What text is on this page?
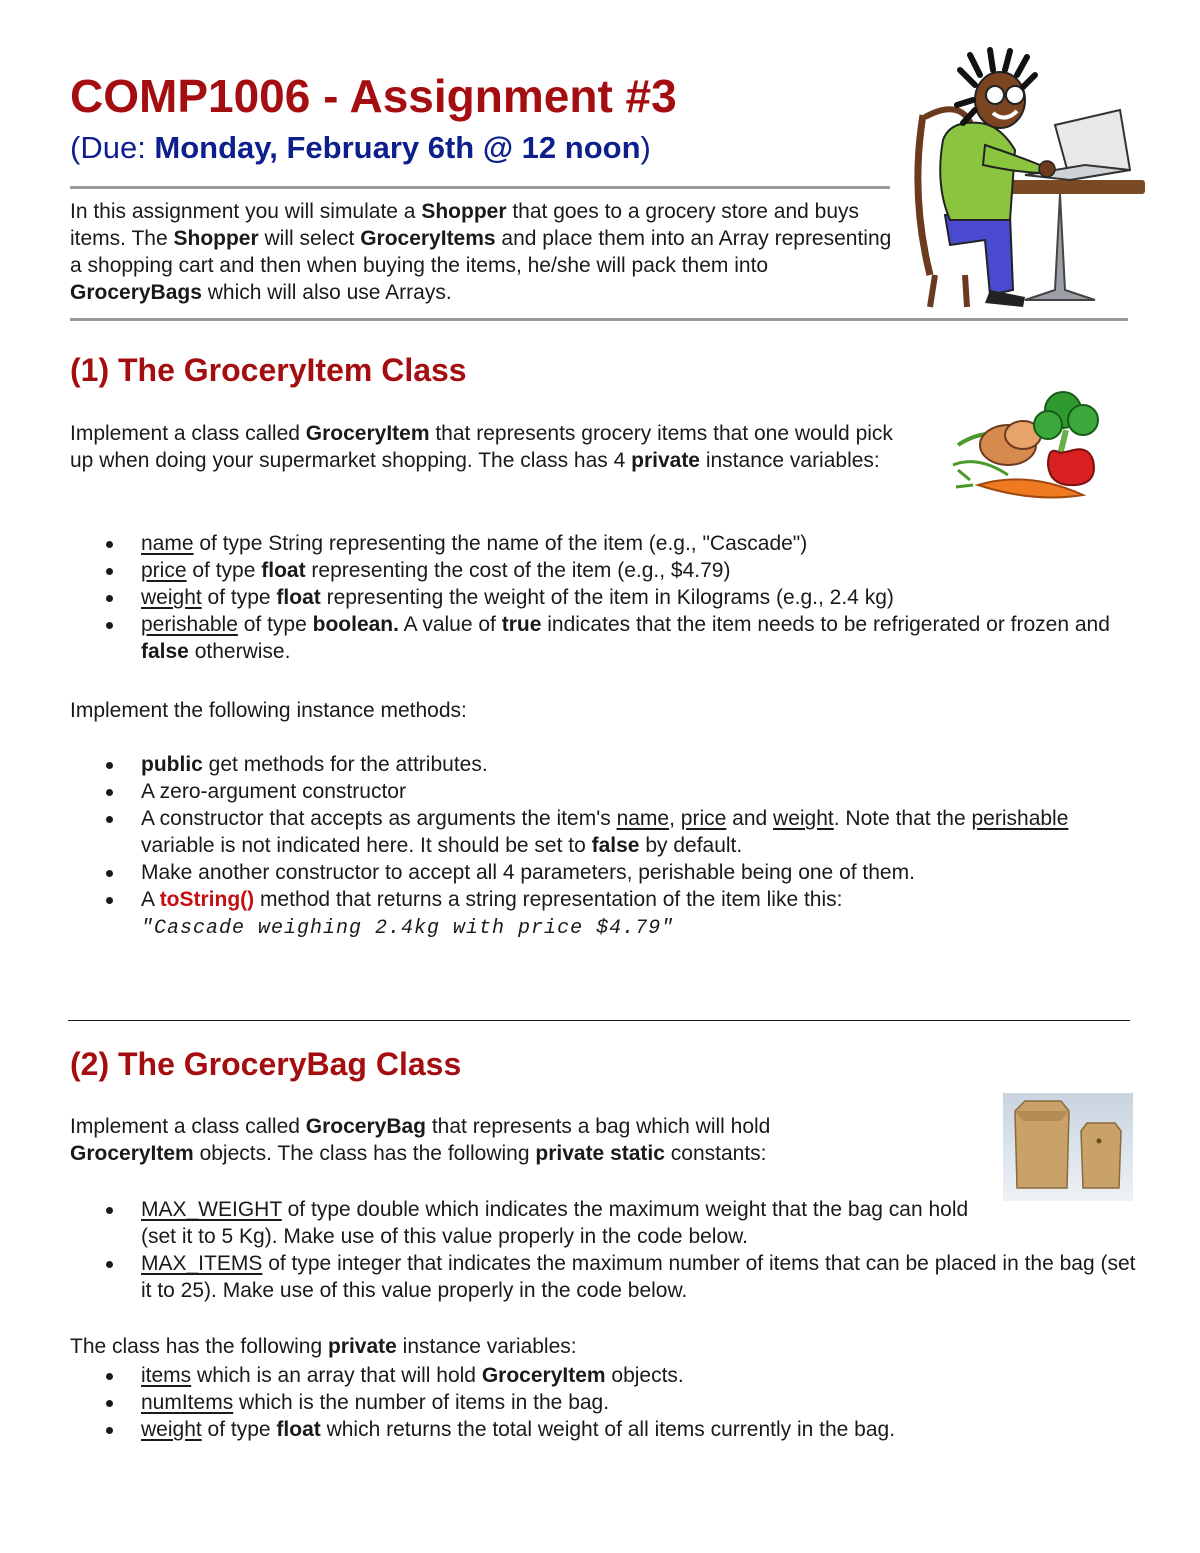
COMP1006 - Assignment #3
(Due: Monday, February 6th @ 12 noon)

In this assignment you will simulate a Shopper that goes to a grocery store and buys items. The Shopper will select GroceryItems and place them into an Array representing a shopping cart and then when buying the items, he/she will pack them into GroceryBags which will also use Arrays.

(1) The GroceryItem Class

Implement a class called GroceryItem that represents grocery items that one would pick up when doing your supermarket shopping. The class has 4 private instance variables:

name of type String representing the name of the item (e.g., "Cascade")
price of type float representing the cost of the item (e.g., $4.79)
weight of type float representing the weight of the item in Kilograms (e.g., 2.4 kg)
perishable of type boolean. A value of true indicates that the item needs to be refrigerated or frozen and false otherwise.

Implement the following instance methods:

public get methods for the attributes.
A zero-argument constructor
A constructor that accepts as arguments the item's name, price and weight. Note that the perishable variable is not indicated here. It should be set to false by default.
Make another constructor to accept all 4 parameters, perishable being one of them.
A toString() method that returns a string representation of the item like this:
"Cascade weighing 2.4kg with price $4.79"
(2) The GroceryBag Class

Implement a class called GroceryBag that represents a bag which will hold GroceryItem objects. The class has the following private static constants:

MAX_WEIGHT of type double which indicates the maximum weight that the bag can hold (set it to 5 Kg). Make use of this value properly in the code below.
MAX_ITEMS of type integer that indicates the maximum number of items that can be placed in the bag (set it to 25). Make use of this value properly in the code below.

The class has the following private instance variables:

items which is an array that will hold GroceryItem objects.
numItems which is the number of items in the bag.
weight of type float which returns the total weight of all items currently in the bag.
